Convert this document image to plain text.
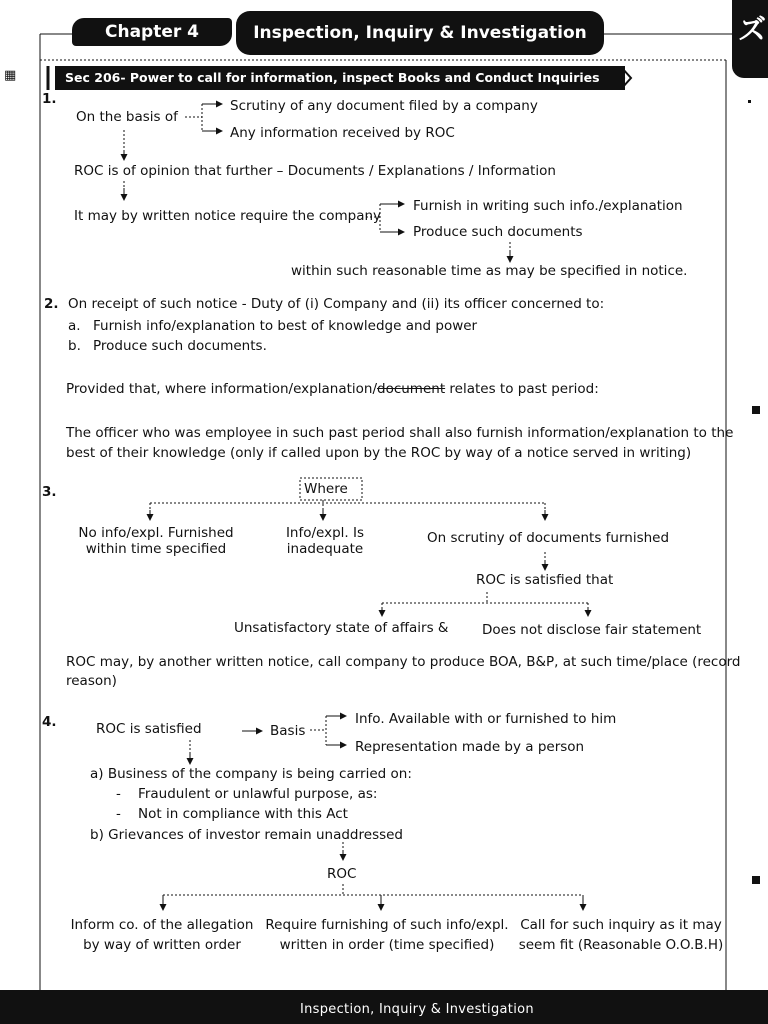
ズ
▦
Chapter 4	Inspection, Inquiry & Investigation
Sec 206- Power to call for information, inspect Books and Conduct Inquiries
1.
On the basis of
Scrutiny of any document filed by a company
Any information received by ROC
ROC is of opinion that further – Documents / Explanations / Information
It may by written notice require the company
Furnish in writing such info./explanation
Produce such documents
within such reasonable time as may be specified in notice.
2. On receipt of such notice - Duty of (i) Company and (ii) its officer concerned to:
a. Furnish info/explanation to best of knowledge and power
b. Produce such documents.
Provided that, where information/explanation/document relates to past period:
The officer who was employee in such past period shall also furnish information/explanation to the
best of their knowledge (only if called upon by the ROC by way of a notice served in writing)
3.	Where
No info/expl. Furnished
within time specified
Info/expl. Is
inadequate
On scrutiny of documents furnished
ROC is satisfied that
Unsatisfactory state of affairs & Does not disclose fair statement
ROC may, by another written notice, call company to produce BOA, B&P, at such time/place (record
reason)
4.	ROC is satisfied	Basis
Info. Available with or furnished to him
Representation made by a person
a) Business of the company is being carried on:
-    Fraudulent or unlawful purpose, as:
-    Not in compliance with this Act
b) Grievances of investor remain unaddressed
ROC
Inform co. of the allegation
by way of written order
Require furnishing of such info/expl.
written in order (time specified)
Call for such inquiry as it may
seem fit (Reasonable O.O.B.H)
Inspection, Inquiry & Investigation
